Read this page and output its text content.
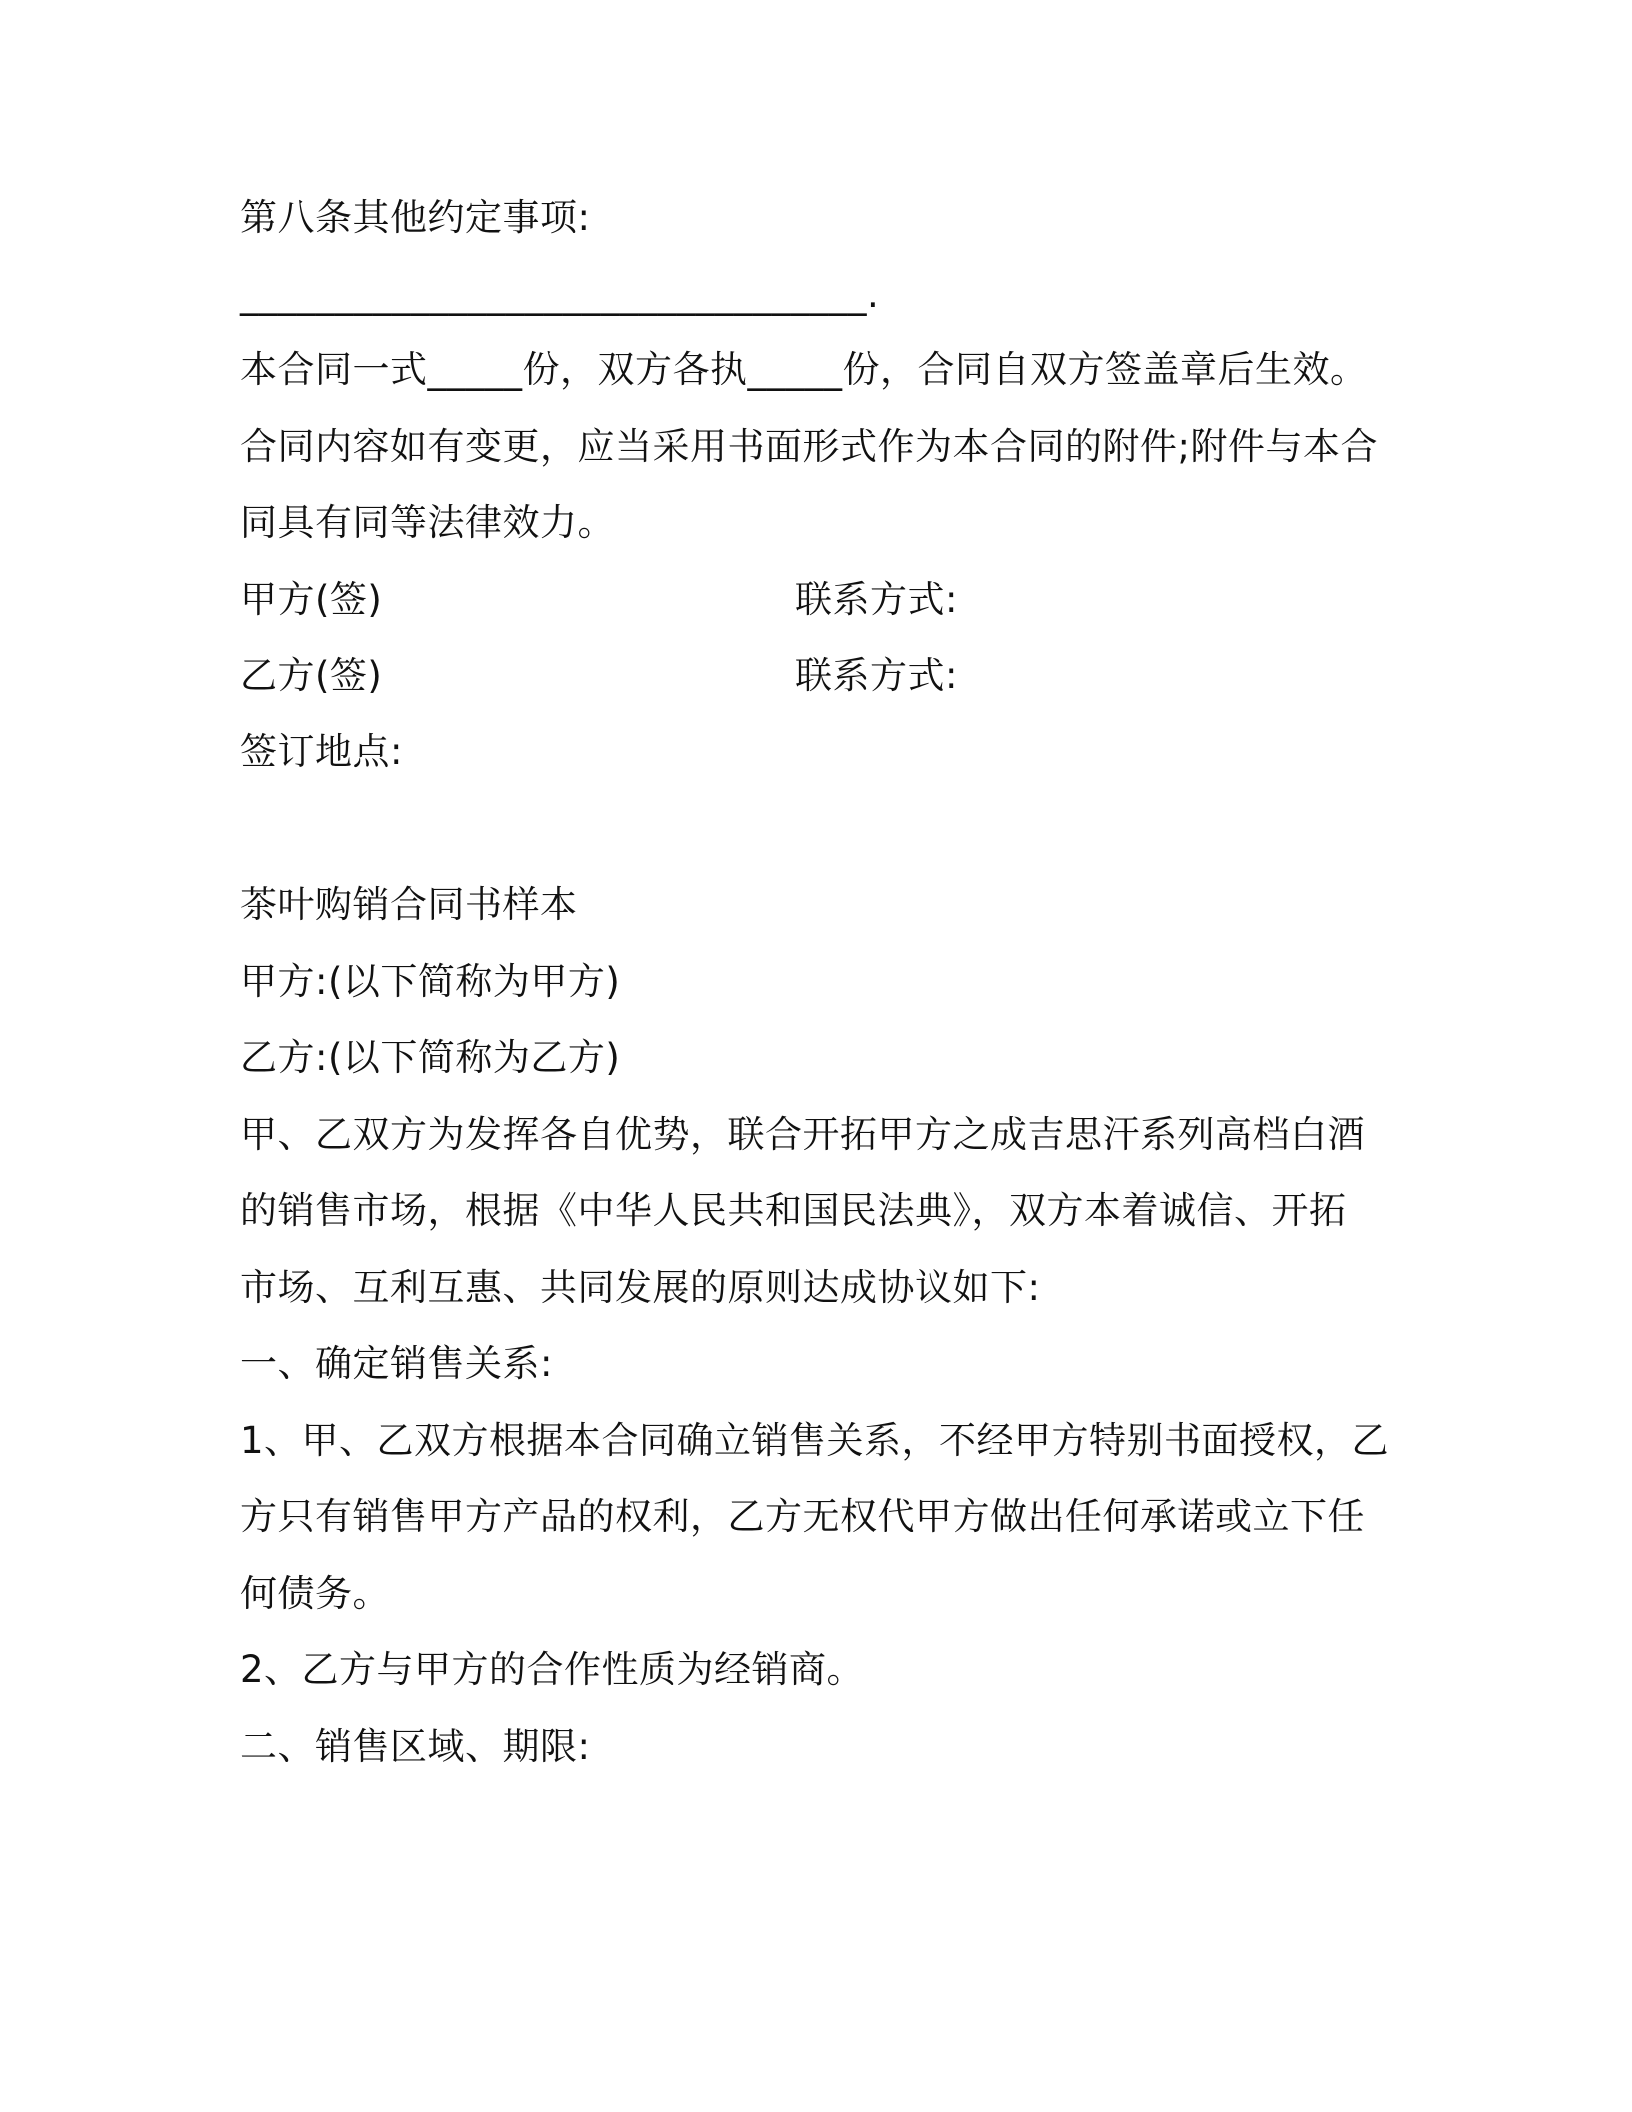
第八条其他约定事项:
_________________________________.
本合同一式_____份，双方各执_____份，合同自双方签盖章后生效。
合同内容如有变更，应当采用书面形式作为本合同的附件;附件与本合
同具有同等法律效力。
甲方(签)	联系方式:
乙方(签)	联系方式:
签订地点:
茶叶购销合同书样本
甲方:(以下简称为甲方)
乙方:(以下简称为乙方)
甲、乙双方为发挥各自优势，联合开拓甲方之成吉思汗系列高档白酒
的销售市场，根据《中华人民共和国民法典》，双方本着诚信、开拓
市场、互利互惠、共同发展的原则达成协议如下:
一、确定销售关系:
1、甲、乙双方根据本合同确立销售关系，不经甲方特别书面授权，乙
方只有销售甲方产品的权利，乙方无权代甲方做出任何承诺或立下任
何债务。
2、乙方与甲方的合作性质为经销商。
二、销售区域、期限:
